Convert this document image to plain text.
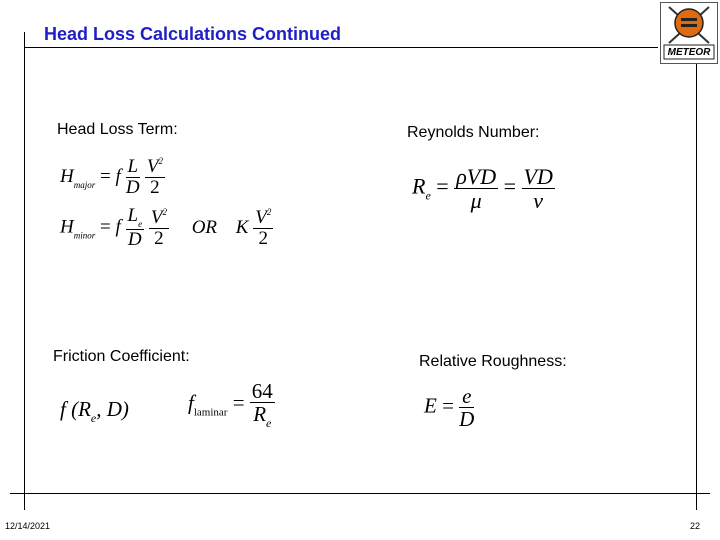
Head Loss Calculations Continued
METEOR
Head Loss Term:
$H_{major} = f \frac{L}{D}$
$\frac{V^2}{2}$
$H_{minor} = f \frac{L_e}{D}$
$\frac{V^2}{2}$ OR K $\frac{V^2}{2}$
Reynolds Number:
$R_e = \frac{\text{ρVD}}{\mu} = \frac{VD}{\nu}$
Friction Coefficient:
f ($R_e$, D)	$f_{laminar} = \frac{64}{R_e}$
Relative Roughness:
$E = \frac{e}{D}$
12/14/2021	22
